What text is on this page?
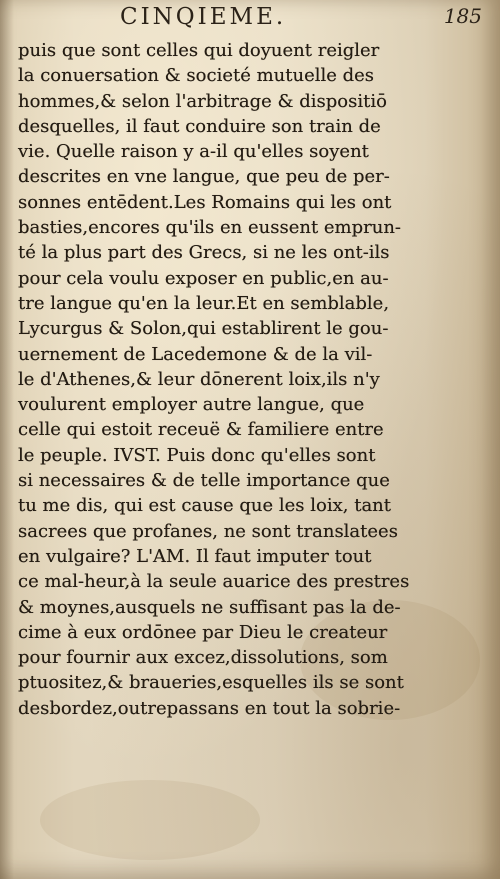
CINQIEME.	185
puis que sont celles qui doyuent reigler
la conuersation & societé mutuelle des
hommes,& selon l'arbitrage & dispositiō
desquelles, il faut conduire son train de
vie. Quelle raison y a-il qu'elles soyent
descrites en vne langue, que peu de per-
sonnes entēdent.Les Romains qui les ont
basties,encores qu'ils en eussent emprun-
té la plus part des Grecs, si ne les ont-ils
pour cela voulu exposer en public,en au-
tre langue qu'en la leur.Et en semblable,
Lycurgus & Solon,qui establirent le gou-
uernement de Lacedemone & de la vil-
le d'Athenes,& leur dōnerent loix,ils n'y
voulurent employer autre langue, que
celle qui estoit receuë & familiere entre
le peuple. IVST. Puis donc qu'elles sont
si necessaires & de telle importance que
tu me dis, qui est cause que les loix, tant
sacrees que profanes, ne sont translatees
en vulgaire? L'AM. Il faut imputer tout
ce mal-heur,à la seule auarice des prestres
& moynes,ausquels ne suffisant pas la de-
cime à eux ordōnee par Dieu le createur
pour fournir aux excez,dissolutions, som
ptuositez,& braueries,esquelles ils se sont
desbordez,outrepassans en tout la sobrie-
